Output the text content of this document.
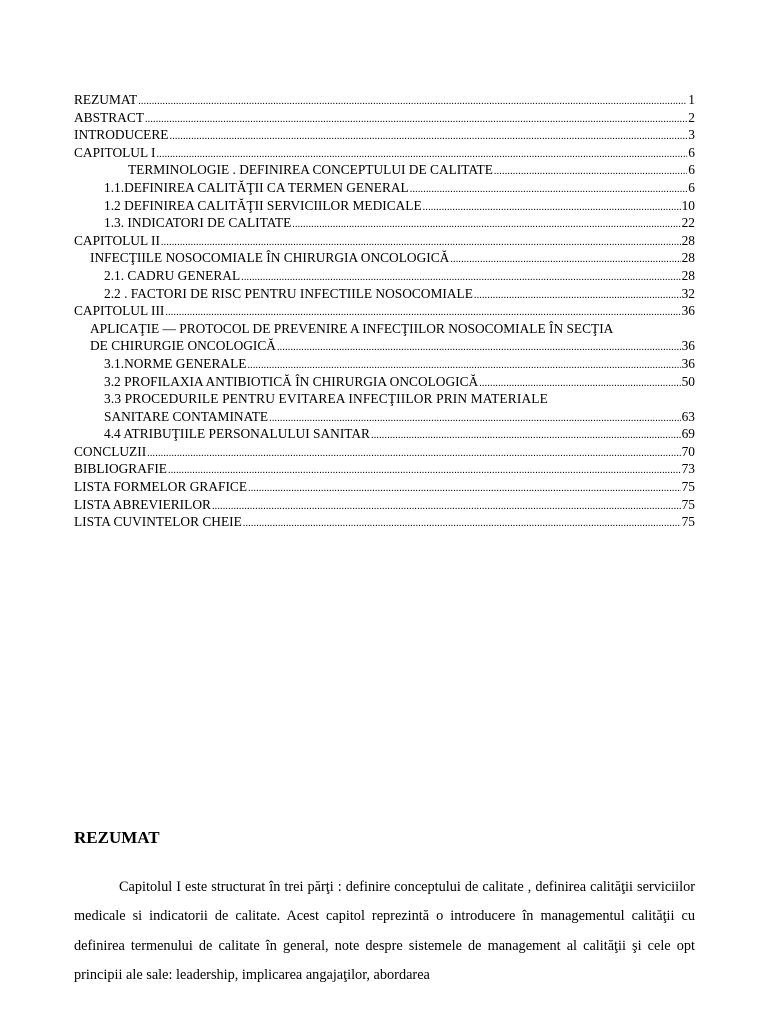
REZUMAT .....	1
ABSTRACT .....	2
INTRODUCERE .....	3
CAPITOLUL I .....	6
TERMINOLOGIE . DEFINIREA CONCEPTULUI DE CALITATE .....	6
1.1.DEFINIREA CALITĂŢII CA TERMEN GENERAL .....	6
1.2 DEFINIREA CALITĂŢII SERVICIILOR MEDICALE .....	10
1.3. INDICATORI DE CALITATE .....	22
CAPITOLUL II .....	28
INFECŢIILE NOSOCOMIALE ÎN CHIRURGIA ONCOLOGICĂ .....	28
2.1. CADRU GENERAL .....	28
2.2 . FACTORI DE RISC PENTRU INFECTIILE NOSOCOMIALE .....	32
CAPITOLUL III .....	36
APLICAŢIE — PROTOCOL DE PREVENIRE A INFECŢIILOR NOSOCOMIALE ÎN SECŢIA
DE CHIRURGIE ONCOLOGICĂ .....	36
3.1.NORME GENERALE .....	36
3.2 PROFILAXIA ANTIBIOTICĂ ÎN CHIRURGIA ONCOLOGICĂ .....	50
3.3 PROCEDURILE PENTRU EVITAREA INFECŢIILOR PRIN MATERIALE
SANITARE CONTAMINATE .....	63
4.4 ATRIBUŢIILE PERSONALULUI SANITAR .....	69
CONCLUZII .....	70
BIBLIOGRAFIE .....	73
LISTA FORMELOR GRAFICE .....	75
LISTA ABREVIERILOR .....	75
LISTA CUVINTELOR CHEIE .....	75
REZUMAT

Capitolul I este structurat în trei părţi : definire conceptului de calitate , definirea calităţii serviciilor medicale si indicatorii de calitate. Acest capitol reprezintă o introducere în managementul calităţii cu definirea termenului de calitate în general, note despre sistemele de management al calităţii şi cele opt principii ale sale: leadership, implicarea angajaţilor, abordarea
